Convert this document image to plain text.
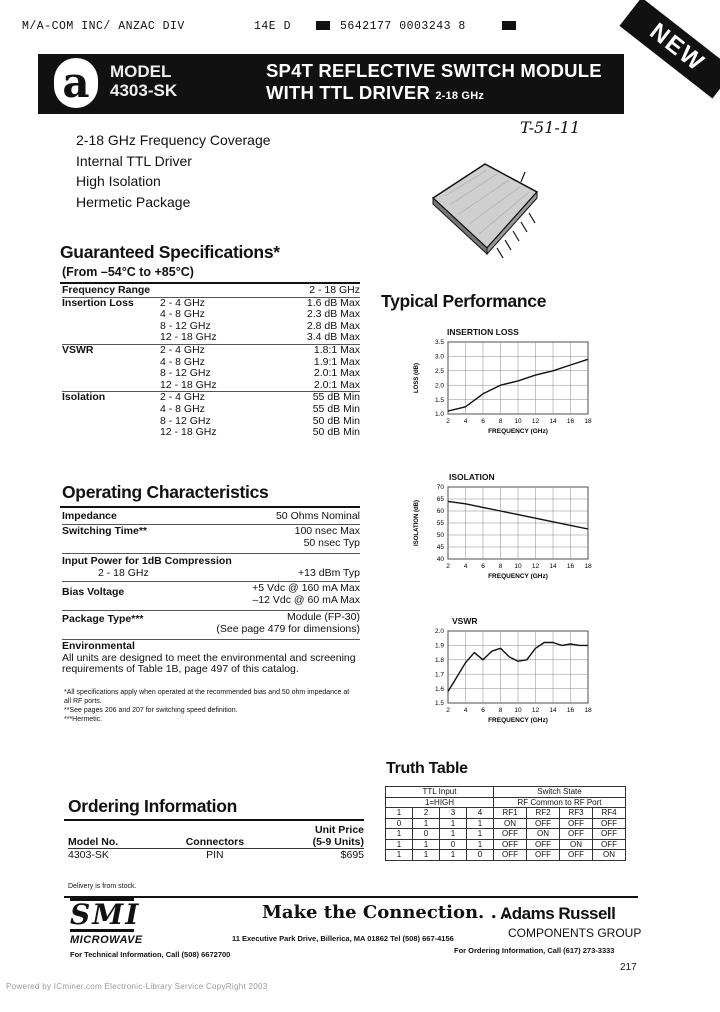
M/A-COM INC/ ANZAC DIV	14E D	5642177 0003243 8
a	MODEL
4303-SK
SP4T REFLECTIVE SWITCH MODULE
WITH TTL DRIVER 2-18 GHz
NEW
T-51-11
2-18 GHz Frequency Coverage
Internal TTL Driver
High Isolation
Hermetic Package
Guaranteed Specifications*
(From –54°C to +85°C)
Frequency Range		2 - 18 GHz
Insertion Loss	2 - 4 GHz	1.6 dB Max
	4 - 8 GHz	2.3 dB Max
	8 - 12 GHz	2.8 dB Max
	12 - 18 GHz	3.4 dB Max
VSWR	2 - 4 GHz	1.8:1 Max
	4 - 8 GHz	1.9:1 Max
	8 - 12 GHz	2.0:1 Max
	12 - 18 GHz	2.0:1 Max
Isolation	2 - 4 GHz	55 dB Min
	4 - 8 GHz	55 dB Min
	8 - 12 GHz	50 dB Min
	12 - 18 GHz	50 dB Min
Operating Characteristics
Impedance	50 Ohms Nominal
Switching Time**	100 nsec Max
50 nsec Typ
Input Power for 1dB Compression
2 - 18 GHz	+13 dBm Typ
Bias Voltage	+5 Vdc @ 160 mA Max
–12 Vdc @ 60 mA Max
Package Type***	Module (FP-30)
(See page 479 for dimensions)
Environmental
All units are designed to meet the environmental and screening
requirements of Table 1B, page 497 of this catalog.
*All specifications apply when operated at the recommended bias and 50 ohm impedance at
all RF ports.
**See pages 206 and 207 for switching speed definition.
***Hermetic.
Typical Performance
INSERTION LOSS
2 4 6 8 10 12 14 16 18
1.0
1.5
2.0
2.5
3.0
3.5
FREQUENCY (GHz)
LOSS (dB)
ISOLATION
2 4 6 8 10 12 14 16 18
40
45
50
55
60
65
70
FREQUENCY (GHz)
ISOLATION (dB)
VSWR
2 4 6 8 10 12 14 16 18
1.5
1.6
1.7
1.8
1.9
2.0
FREQUENCY (GHz)
Truth Table
TTL Input				Switch State			
1=HIGH				RF Common to RF Port			
1	2	3	4	RF1	RF2	RF3	RF4
0	1	1	1	ON	OFF	OFF	OFF
1	0	1	1	OFF	ON	OFF	OFF
1	1	0	1	OFF	OFF	ON	OFF
1	1	1	0	OFF	OFF	OFF	ON
Ordering Information
		Unit Price
Model No.	Connectors	(5-9 Units)
4303-SK	PIN	$695
Delivery is from stock.
SMI
MICROWAVE
Make the Connection. . .
Adams Russell
COMPONENTS GROUP
11 Executive Park Drive, Billerica, MA 01862 Tel (508) 667-4156
For Technical Information, Call (508) 6672700	For Ordering Information, Call (617) 273-3333
217
Powered by ICminer.com Electronic-Library Service CopyRight 2003
